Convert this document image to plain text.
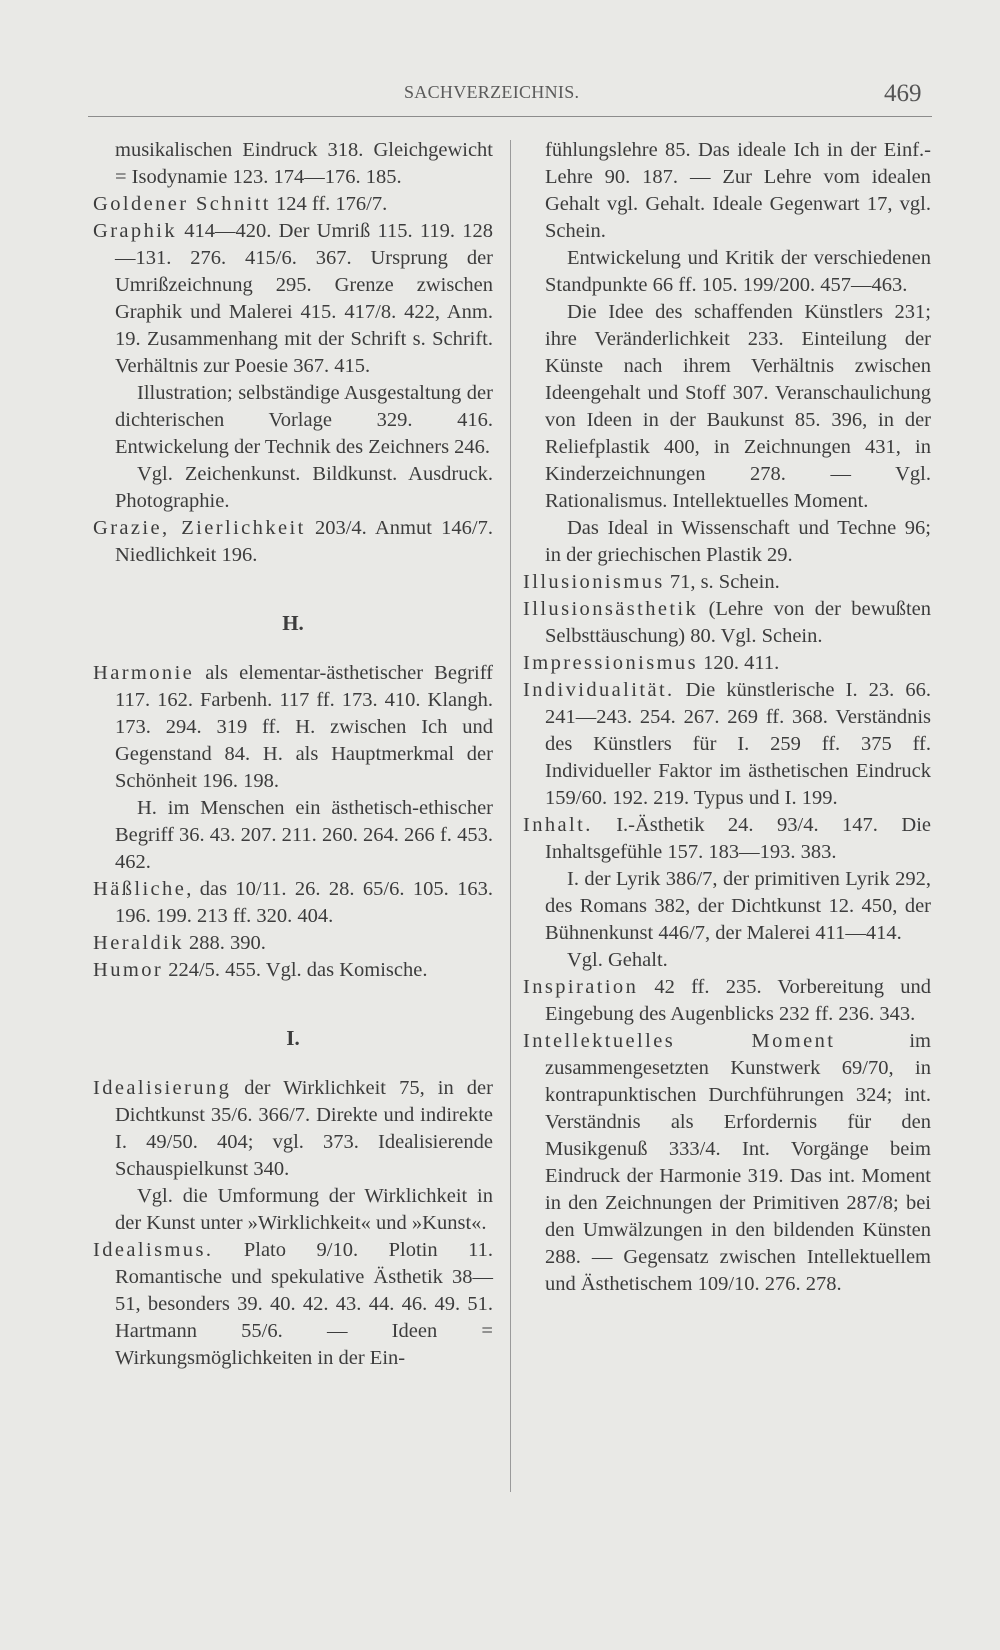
SACHVERZEICHNIS.	469

musikalischen Eindruck 318. Gleichgewicht = Isodynamie 123. 174—176. 185.

Goldener Schnitt 124 ff. 176/7.

Graphik 414—420. Der Umriß 115. 119. 128—131. 276. 415/6. 367. Ursprung der Umrißzeichnung 295. Grenze zwischen Graphik und Malerei 415. 417/8. 422, Anm. 19. Zusammenhang mit der Schrift s. Schrift. Verhältnis zur Poesie 367. 415.

Illustration; selbständige Ausgestaltung der dichterischen Vorlage 329. 416. Entwickelung der Technik des Zeichners 246.

Vgl. Zeichenkunst. Bildkunst. Ausdruck. Photographie.

Grazie, Zierlichkeit 203/4. Anmut 146/7. Niedlichkeit 196.

H.

Harmonie als elementar-ästhetischer Begriff 117. 162. Farbenh. 117 ff. 173. 410. Klangh. 173. 294. 319 ff. H. zwischen Ich und Gegenstand 84. H. als Hauptmerkmal der Schönheit 196. 198.

H. im Menschen ein ästhetisch-ethischer Begriff 36. 43. 207. 211. 260. 264. 266 f. 453. 462.

Häßliche, das 10/11. 26. 28. 65/6. 105. 163. 196. 199. 213 ff. 320. 404.

Heraldik 288. 390.

Humor 224/5. 455. Vgl. das Komische.

I.

Idealisierung der Wirklichkeit 75, in der Dichtkunst 35/6. 366/7. Direkte und indirekte I. 49/50. 404; vgl. 373. Idealisierende Schauspielkunst 340.

Vgl. die Umformung der Wirklichkeit in der Kunst unter »Wirklichkeit« und »Kunst«.

Idealismus. Plato 9/10. Plotin 11. Romantische und spekulative Ästhetik 38—51, besonders 39. 40. 42. 43. 44. 46. 49. 51. Hartmann 55/6. — Ideen = Wirkungsmöglichkeiten in der Ein-

fühlungslehre 85. Das ideale Ich in der Einf.-Lehre 90. 187. — Zur Lehre vom idealen Gehalt vgl. Gehalt. Ideale Gegenwart 17, vgl. Schein.

Entwickelung und Kritik der verschiedenen Standpunkte 66 ff. 105. 199/200. 457—463.

Die Idee des schaffenden Künstlers 231; ihre Veränderlichkeit 233. Einteilung der Künste nach ihrem Verhältnis zwischen Ideengehalt und Stoff 307. Veranschaulichung von Ideen in der Baukunst 85. 396, in der Reliefplastik 400, in Zeichnungen 431, in Kinderzeichnungen 278. — Vgl. Rationalismus. Intellektuelles Moment.

Das Ideal in Wissenschaft und Techne 96; in der griechischen Plastik 29.

Illusionismus 71, s. Schein.

Illusionsästhetik (Lehre von der bewußten Selbsttäuschung) 80. Vgl. Schein.

Impressionismus 120. 411.

Individualität. Die künstlerische I. 23. 66. 241—243. 254. 267. 269 ff. 368. Verständnis des Künstlers für I. 259 ff. 375 ff. Individueller Faktor im ästhetischen Eindruck 159/60. 192. 219. Typus und I. 199.

Inhalt. I.-Ästhetik 24. 93/4. 147. Die Inhaltsgefühle 157. 183—193. 383.

I. der Lyrik 386/7, der primitiven Lyrik 292, des Romans 382, der Dichtkunst 12. 450, der Bühnenkunst 446/7, der Malerei 411—414.

Vgl. Gehalt.

Inspiration 42 ff. 235. Vorbereitung und Eingebung des Augenblicks 232 ff. 236. 343.

Intellektuelles Moment im zusammengesetzten Kunstwerk 69/70, in kontrapunktischen Durchführungen 324; int. Verständnis als Erfordernis für den Musikgenuß 333/4. Int. Vorgänge beim Eindruck der Harmonie 319. Das int. Moment in den Zeichnungen der Primitiven 287/8; bei den Umwälzungen in den bildenden Künsten 288. — Gegensatz zwischen Intellektuellem und Ästhetischem 109/10. 276. 278.
